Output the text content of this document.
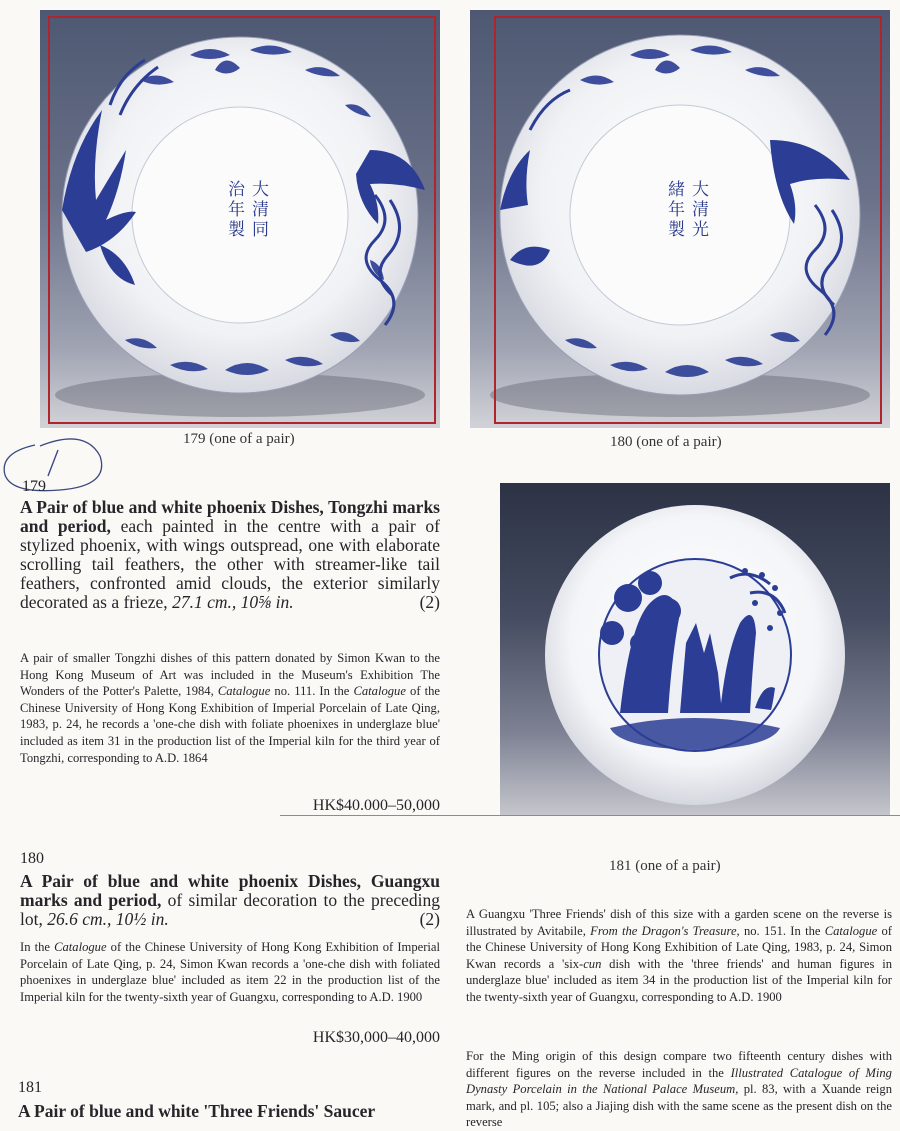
大
清
同
治
年
製
大
清
光
緒
年
製
179 (one of a pair)	180 (one of a pair)
179
A Pair of blue and white phoenix Dishes, Tongzhi marks and period, each painted in the centre with a pair of stylized phoenix, with wings outspread, one with elaborate scrolling tail feathers, the other with streamer-like tail feathers, confronted amid clouds, the exterior similarly decorated as a frieze, 27.1 cm., 10⅝ in.	(2)
A pair of smaller Tongzhi dishes of this pattern donated by Simon Kwan to the Hong Kong Museum of Art was included in the Museum's Exhibition The Wonders of the Potter's Palette, 1984, Catalogue no. 111. In the Catalogue of the Chinese University of Hong Kong Exhibition of Imperial Porcelain of Late Qing, 1983, p. 24, he records a 'one-che dish with foliate phoenixes in underglaze blue' included as item 31 in the production list of the Imperial kiln for the third year of Tongzhi, corresponding to A.D. 1864
HK$40.000–50,000
181 (one of a pair)
180
A Pair of blue and white phoenix Dishes, Guangxu marks and period, of similar decoration to the preceding lot, 26.6 cm., 10½ in.	(2)
In the Catalogue of the Chinese University of Hong Kong Exhibition of Imperial Porcelain of Late Qing, p. 24, Simon Kwan records a 'one-che dish with foliated phoenixes in underglaze blue' included as item 22 in the production list of the Imperial kiln for the twenty-sixth year of Guangxu, corresponding to A.D. 1900
HK$30,000–40,000
181
A Pair of blue and white 'Three Friends' Saucer
A Guangxu 'Three Friends' dish of this size with a garden scene on the reverse is illustrated by Avitabile, From the Dragon's Treasure, no. 151. In the Catalogue of the Chinese University of Hong Kong Exhibition of Late Qing, 1983, p. 24, Simon Kwan records a 'six-cun dish with the 'three friends' and human figures in underglaze blue' included as item 34 in the production list of the Imperial kiln for the twenty-sixth year of Guangxu, corresponding to A.D. 1900
For the Ming origin of this design compare two fifteenth century dishes with different figures on the reverse included in the Illustrated Catalogue of Ming Dynasty Porcelain in the National Palace Museum, pl. 83, with a Xuande reign mark, and pl. 105; also a Jiajing dish with the same scene as the present dish on the reverse
